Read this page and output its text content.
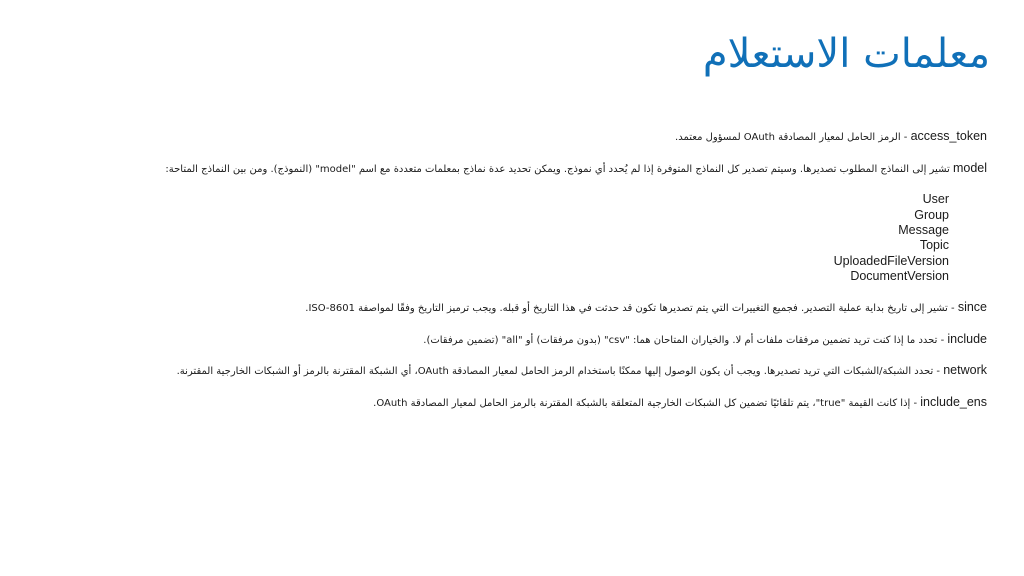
معلمات الاستعلام

access_token - الرمز الحامل لمعيار المصادقة OAuth لمسؤول معتمد.

model تشير إلى النماذج المطلوب تصديرها. وسيتم تصدير كل النماذج المتوفرة إذا لم يُحدد أي نموذج. ويمكن تحديد عدة نماذج بمعلمات متعددة مع اسم "model" (النموذج). ومن بين النماذج المتاحة:

User
Group
Message
Topic
UploadedFileVersion
DocumentVersion

since - تشير إلى تاريخ بداية عملية التصدير. فجميع التغييرات التي يتم تصديرها تكون قد حدثت في هذا التاريخ أو قبله. ويجب ترميز التاريخ وفقًا لمواصفة ISO-8601.

include - تحدد ما إذا كنت تريد تضمين مرفقات ملفات أم لا. والخياران المتاحان هما: "csv" (بدون مرفقات) أو "all" (تضمين مرفقات).

network - تحدد الشبكة/الشبكات التي تريد تصديرها. ويجب أن يكون الوصول إليها ممكنًا باستخدام الرمز الحامل لمعيار المصادقة OAuth، أي الشبكة المقترنة بالرمز أو الشبكات الخارجية المقترنة.

include_ens - إذا كانت القيمة "true"، يتم تلقائيًا تضمين كل الشبكات الخارجية المتعلقة بالشبكة المقترنة بالرمز الحامل لمعيار المصادقة OAuth.
